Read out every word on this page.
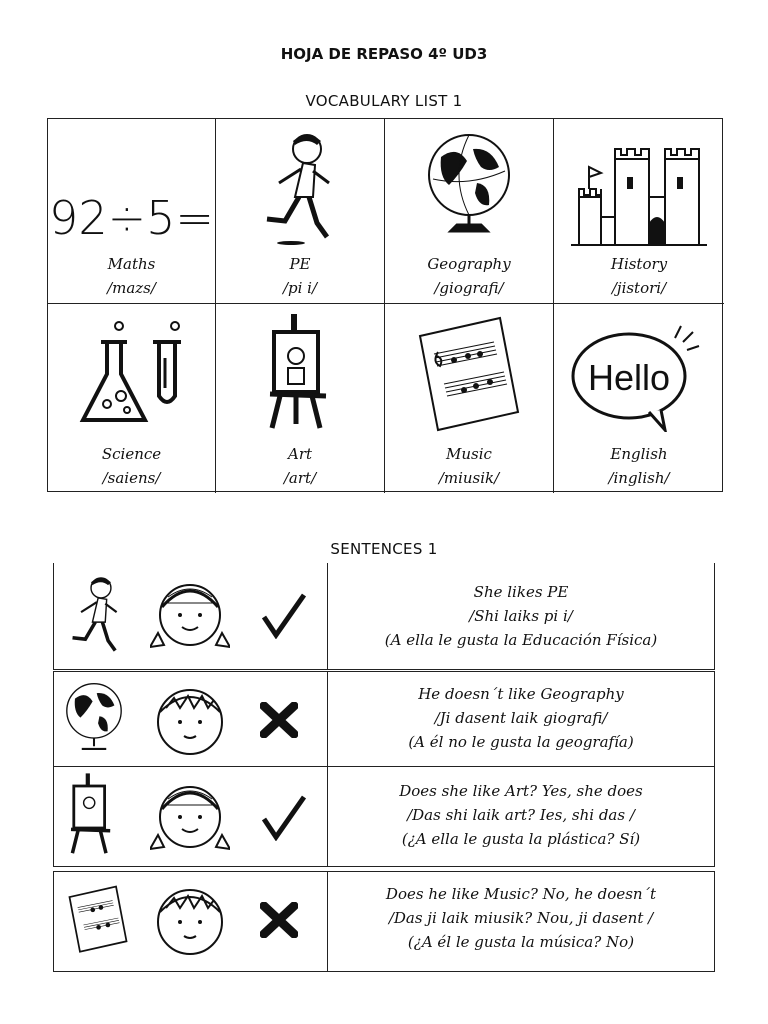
HOJA DE REPASO 4º UD3
VOCABULARY LIST 1
92÷5=
Maths
/mazs/
PE
/pi i/
Geography
/giografi/
History
/jistori/
Science
/saiens/
Art
/art/
Music
/miusik/
Hello
English
/inglish/
SENTENCES 1
She likes PE
/Shi laiks pi i/
(A ella le gusta la Educación Física)
He doesn´t like Geography
/Ji dasent laik giografi/
(A él no le gusta la geografía)
Does she like Art? Yes, she does
/Das shi laik art? Ies, shi das /
(¿A ella le gusta la plástica? Sí)
Does he like Music? No, he doesn´t
/Das ji laik miusik? Nou, ji dasent /
(¿A él le gusta la música? No)
